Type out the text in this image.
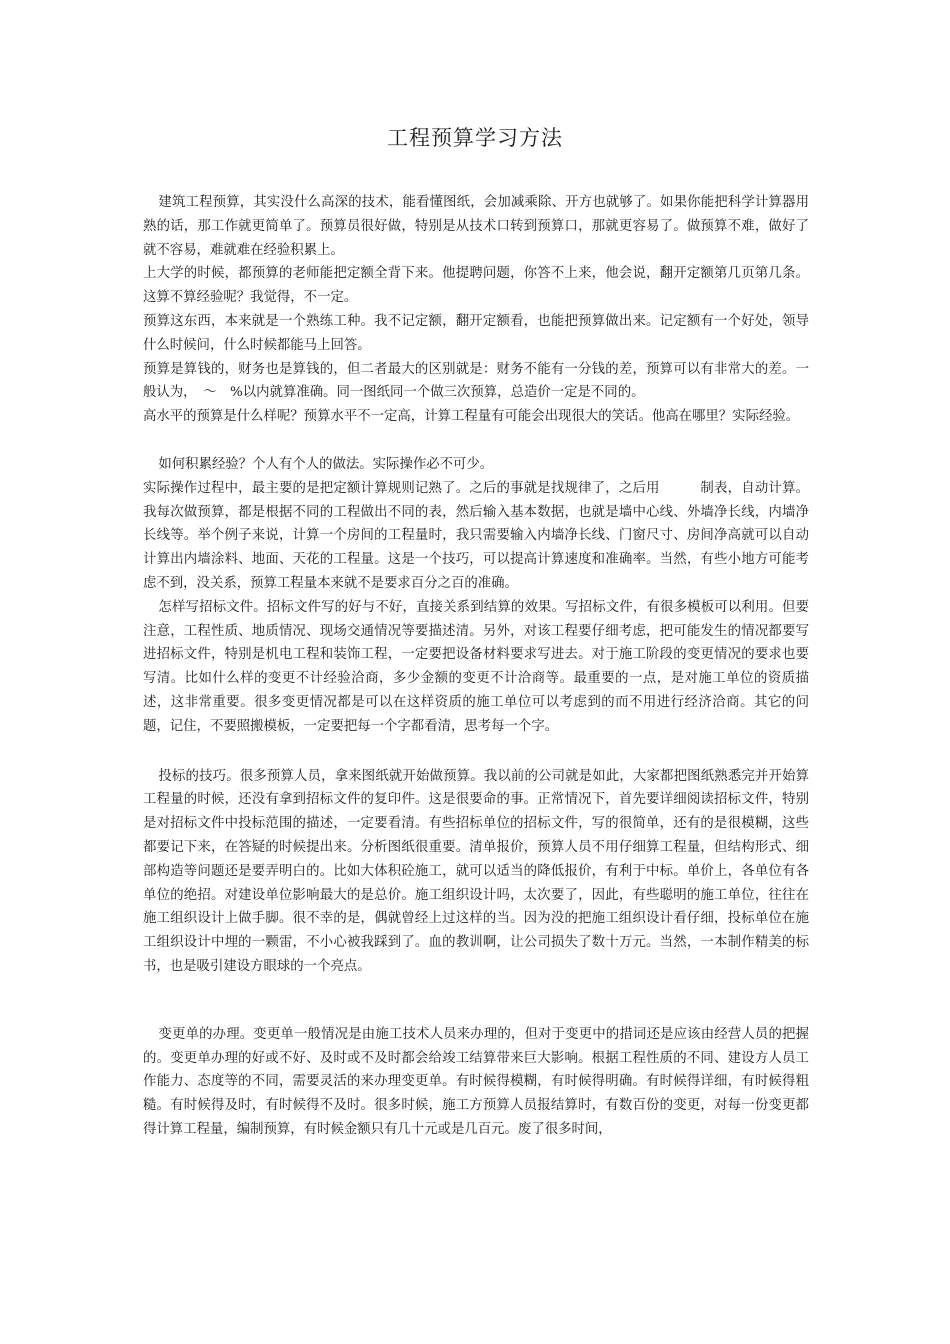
工程预算学习方法

建筑工程预算，其实没什么高深的技术，能看懂图纸，会加减乘除、开方也就够了。如果你能把科学计算器用熟的话，那工作就更简单了。预算员很好做，特别是从技术口转到预算口，那就更容易了。做预算不难，做好了就不容易，难就难在经验积累上。

上大学的时候，都预算的老师能把定额全背下来。他提聘问题，你答不上来，他会说，翻开定额第几页第几条。这算不算经验呢？我觉得，不一定。

预算这东西，本来就是一个熟练工种。我不记定额，翻开定额看，也能把预算做出来。记定额有一个好处，领导什么时候问，什么时候都能马上回答。

预算是算钱的，财务也是算钱的，但二者最大的区别就是：财务不能有一分钱的差，预算可以有非常大的差。一般认为，　～　%以内就算准确。同一图纸同一个做三次预算，总造价一定是不同的。

高水平的预算是什么样呢？预算水平不一定高，计算工程量有可能会出现很大的笑话。他高在哪里？实际经验。

如何积累经验？个人有个人的做法。实际操作必不可少。

实际操作过程中，最主要的是把定额计算规则记熟了。之后的事就是找规律了，之后用　　　制表，自动计算。我每次做预算，都是根据不同的工程做出不同的表，然后输入基本数据，也就是墙中心线、外墙净长线，内墙净长线等。举个例子来说，计算一个房间的工程量时，我只需要输入内墙净长线、门窗尺寸、房间净高就可以自动计算出内墙涂料、地面、天花的工程量。这是一个技巧，可以提高计算速度和准确率。当然，有些小地方可能考虑不到，没关系，预算工程量本来就不是要求百分之百的准确。

怎样写招标文件。招标文件写的好与不好，直接关系到结算的效果。写招标文件，有很多模板可以利用。但要注意，工程性质、地质情况、现场交通情况等要描述清。另外，对该工程要仔细考虑，把可能发生的情况都要写进招标文件，特别是机电工程和装饰工程，一定要把设备材料要求写进去。对于施工阶段的变更情况的要求也要写清。比如什么样的变更不计经验洽商，多少金额的变更不计洽商等。最重要的一点，是对施工单位的资质描述，这非常重要。很多变更情况都是可以在这样资质的施工单位可以考虑到的而不用进行经济洽商。其它的问题，记住，不要照搬模板，一定要把每一个字都看清，思考每一个字。

投标的技巧。很多预算人员，拿来图纸就开始做预算。我以前的公司就是如此，大家都把图纸熟悉完并开始算工程量的时候，还没有拿到招标文件的复印件。这是很要命的事。正常情况下，首先要详细阅读招标文件，特别是对招标文件中投标范围的描述，一定要看清。有些招标单位的招标文件，写的很简单，还有的是很模糊，这些都要记下来，在答疑的时候提出来。分析图纸很重要。清单报价，预算人员不用仔细算工程量，但结构形式、细部构造等问题还是要弄明白的。比如大体积砼施工，就可以适当的降低报价，有利于中标。单价上，各单位有各单位的绝招。对建设单位影响最大的是总价。施工组织设计吗，太次要了，因此，有些聪明的施工单位，往往在施工组织设计上做手脚。很不幸的是，偶就曾经上过这样的当。因为没的把施工组织设计看仔细，投标单位在施工组织设计中埋的一颗雷，不小心被我踩到了。血的教训啊，让公司损失了数十万元。当然，一本制作精美的标书，也是吸引建设方眼球的一个亮点。

变更单的办理。变更单一般情况是由施工技术人员来办理的，但对于变更中的措词还是应该由经营人员的把握的。变更单办理的好或不好、及时或不及时都会给竣工结算带来巨大影响。根据工程性质的不同、建设方人员工作能力、态度等的不同，需要灵活的来办理变更单。有时候得模糊，有时候得明确。有时候得详细，有时候得粗糙。有时候得及时，有时候得不及时。很多时候，施工方预算人员报结算时，有数百份的变更，对每一份变更都得计算工程量，编制预算，有时候金额只有几十元或是几百元。废了很多时间，
